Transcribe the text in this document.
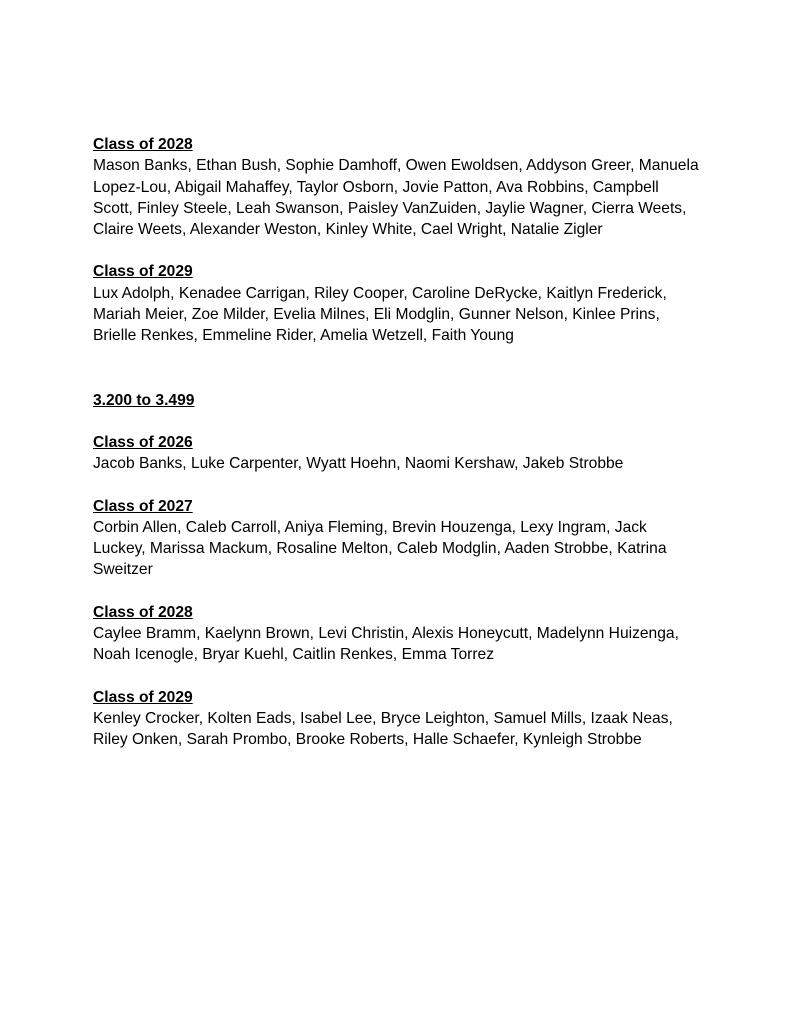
Class of 2028

Mason Banks, Ethan Bush, Sophie Damhoff, Owen Ewoldsen, Addyson Greer, Manuela
Lopez-Lou, Abigail Mahaffey, Taylor Osborn, Jovie Patton, Ava Robbins, Campbell
Scott, Finley Steele, Leah Swanson, Paisley VanZuiden, Jaylie Wagner, Cierra Weets,
Claire Weets, Alexander Weston, Kinley White, Cael Wright, Natalie Zigler

Class of 2029

Lux Adolph, Kenadee Carrigan, Riley Cooper, Caroline DeRycke, Kaitlyn Frederick,
Mariah Meier, Zoe Milder, Evelia Milnes, Eli Modglin, Gunner Nelson, Kinlee Prins,
Brielle Renkes, Emmeline Rider, Amelia Wetzell, Faith Young

3.200 to 3.499

Class of 2026

Jacob Banks, Luke Carpenter, Wyatt Hoehn, Naomi Kershaw, Jakeb Strobbe

Class of 2027

Corbin Allen, Caleb Carroll, Aniya Fleming, Brevin Houzenga, Lexy Ingram, Jack
Luckey, Marissa Mackum, Rosaline Melton, Caleb Modglin, Aaden Strobbe, Katrina
Sweitzer

Class of 2028

Caylee Bramm, Kaelynn Brown, Levi Christin, Alexis Honeycutt, Madelynn Huizenga,
Noah Icenogle, Bryar Kuehl, Caitlin Renkes, Emma Torrez

Class of 2029

Kenley Crocker, Kolten Eads, Isabel Lee, Bryce Leighton, Samuel Mills, Izaak Neas,
Riley Onken, Sarah Prombo, Brooke Roberts, Halle Schaefer, Kynleigh Strobbe
